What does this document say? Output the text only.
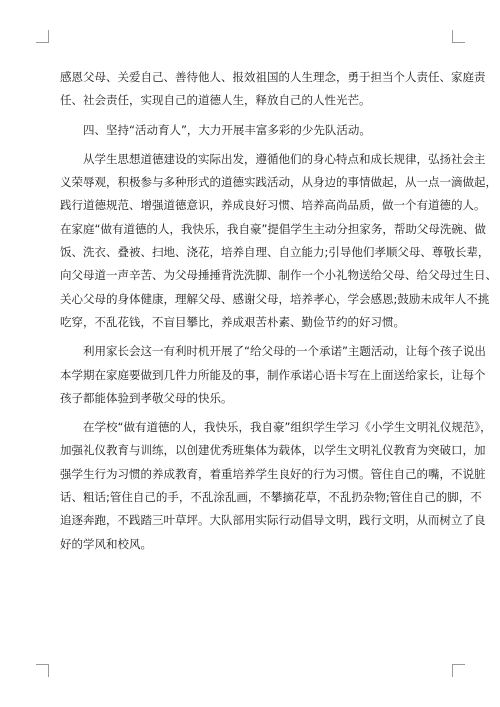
感恩父母、关爱自己、善待他人、报效祖国的人生理念，勇于担当个人责任、家庭责
任、社会责任，实现自己的道德人生，释放自己的人性光芒。
　　四、坚持“活动育人”，大力开展丰富多彩的少先队活动。
　　从学生思想道德建设的实际出发，遵循他们的身心特点和成长规律，弘扬社会主
义荣辱观，积极参与多种形式的道德实践活动，从身边的事情做起，从一点一滴做起，
践行道德规范、增强道德意识，养成良好习惯、培养高尚品质，做一个有道德的人。
在家庭“做有道德的人，我快乐，我自豪”提倡学生主动分担家务，帮助父母洗碗、做
饭、洗衣、叠被、扫地、浇花，培养自理、自立能力;引导他们孝顺父母、尊敬长辈，
向父母道一声辛苦、为父母捶捶背洗洗脚、制作一个小礼物送给父母、给父母过生日、
关心父母的身体健康，理解父母、感谢父母，培养孝心，学会感恩;鼓励未成年人不挑
吃穿，不乱花钱，不盲目攀比，养成艰苦朴素、勤俭节约的好习惯。
　　利用家长会这一有利时机开展了“给父母的一个承诺”主题活动，让每个孩子说出
本学期在家庭要做到几件力所能及的事，制作承诺心语卡写在上面送给家长，让每个
孩子都能体验到孝敬父母的快乐。
　　在学校“做有道德的人，我快乐，我自豪”组织学生学习《小学生文明礼仪规范》，
加强礼仪教育与训练，以创建优秀班集体为载体，以学生文明礼仪教育为突破口，加
强学生行为习惯的养成教育，着重培养学生良好的行为习惯。管住自己的嘴，不说脏
话、粗话;管住自己的手，不乱涂乱画，不攀摘花草，不乱扔杂物;管住自己的脚，不
追逐奔跑，不践踏三叶草坪。大队部用实际行动倡导文明，践行文明，从而树立了良
好的学风和校风。
